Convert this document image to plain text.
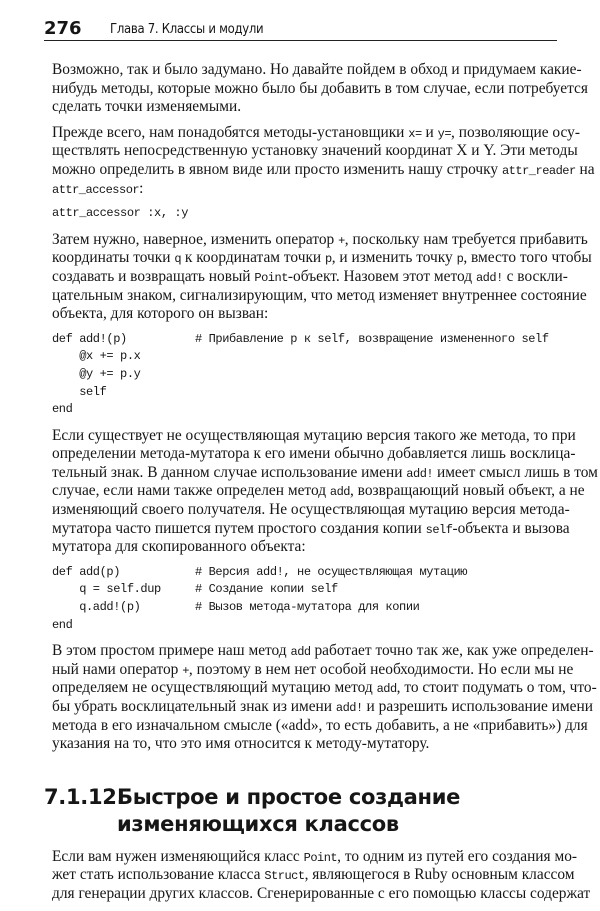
276 Глава 7. Классы и модули
Возможно, так и было задумано. Но давайте пойдем в обход и придумаем какие-
нибудь методы, которые можно было бы добавить в том случае, если потребуется
сделать точки изменяемыми.
Прежде всего, нам понадобятся методы-установщики x= и y=, позволяющие осу-
ществлять непосредственную установку значений координат X и Y. Эти методы
можно определить в явном виде или просто изменить нашу строчку attr_reader на
attr_accessor:
attr_accessor :x, :y
Затем нужно, наверное, изменить оператор +, поскольку нам требуется прибавить
координаты точки q к координатам точки p, и изменить точку p, вместо того чтобы
создавать и возвращать новый Point-объект. Назовем этот метод add! с воскли-
цательным знаком, сигнализирующим, что метод изменяет внутреннее состояние
объекта, для которого он вызван:
def add!(p)	# Прибавление p к self, возвращение измененного self
@x += p.x
@y += p.y
self
end
Если существует не осуществляющая мутацию версия такого же метода, то при
определении метода-мутатора к его имени обычно добавляется лишь восклица-
тельный знак. В данном случае использование имени add! имеет смысл лишь в том
случае, если нами также определен метод add, возвращающий новый объект, а не
изменяющий своего получателя. Не осуществляющая мутацию версия метода-
мутатора часто пишется путем простого создания копии self-объекта и вызова
мутатора для скопированного объекта:
def add(p)	# Версия add!, не осуществляющая мутацию
q = self.dup	# Создание копии self
q.add!(p)	# Вызов метода-мутатора для копии
end
В этом простом примере наш метод add работает точно так же, как уже определен-
ный нами оператор +, поэтому в нем нет особой необходимости. Но если мы не
определяем не осуществляющий мутацию метод add, то стоит подумать о том, что-
бы убрать восклицательный знак из имени add! и разрешить использование имени
метода в его изначальном смысле («add», то есть добавить, а не «прибавить») для
указания на то, что это имя относится к методу-мутатору.
7.1.12.Быстрое и простое создание
изменяющихся классов
Если вам нужен изменяющийся класс Point, то одним из путей его создания мо-
жет стать использование класса Struct, являющегося в Ruby основным классом
для генерации других классов. Сгенерированные с его помощью классы содержат
